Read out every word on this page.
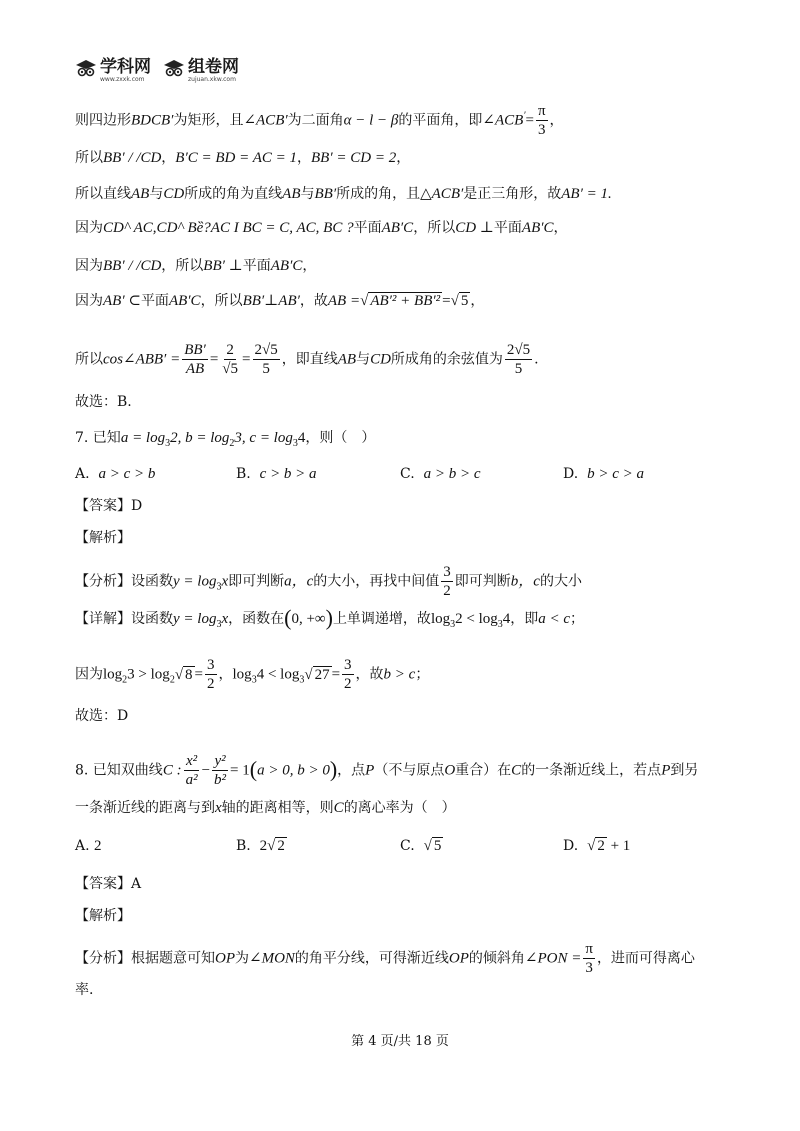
学科网
www.zxxk.com
组卷网
zujuan.xkw.com
则四边形BDCB′为矩形，且∠ACB′为二面角α − l − β的平面角，即∠ACB′= $\frac{\pi}{3}$ ，
所以BB′ / /CD，B′C = BD = AC = 1，BB′ = CD = 2，
所以直线AB与CD所成的角为直线AB与BB′所成的角，且△ACB′是正三角形，故AB′ = 1.
因为CD^ AC,CD^ Bȅ?AC I BC = C, AC, BC ?平面AB′C，所以CD ⊥平面AB′C，
因为BB′ / /CD，所以BB′ ⊥平面AB′C，
因为AB′ ⊂平面AB′C，所以BB′⊥AB′，故AB =√ AB′² + BB′² =√ 5 ，
所以cos∠ABB′ = $\frac{BB'}{AB} = \frac{2}{√5} = \frac{2√5}{5}$ ，即直线AB与CD所成角的余弦值为 $\frac{2√5}{5}$ .
故选：B.
7. 已知$a = \log_32$, $b = \log_23$, $c = \log_34$，则（　）
A. a > c > b	B. c > b > a	C. a > b > c	D. b > c > a
【答案】D
【解析】
【分析】设函数$y = \log_3x$即可判断a，c的大小，再找中间值 $\frac{3}{2}$ 即可判断b，c的大小
【详解】设函数$y = \log_3x$，函数在(0, +∞)上单调递增，故$\log_32 < \log_34$，即a < c；
因为$\log_23 > \log_2√$ $8 = \frac{3}{2}$ ，$\log_34 < \log_3√$ $27 = \frac{3}{2}$ ，故b > c；
故选：D
8. 已知双曲线C : $\frac{\text{x²}}{\text{a²}} - \frac{\text{y²}}{\text{b²}} = 1(a > 0$, b > 0)，点P（不与原点O重合）在C的一条渐近线上，若点P到另
一条渐近线的距离与到x轴的距离相等，则C的离心率为（　）
A. 2	B. 2√ 2	C. √ 5	D. √ 2 + 1
【答案】A
【解析】
【分析】根据题意可知OP为∠MON的角平分线，可得渐近线OP的倾斜角∠PON = $\frac{\pi}{3}$ ，进而可得离心
率.
第 4 页/共 18 页
